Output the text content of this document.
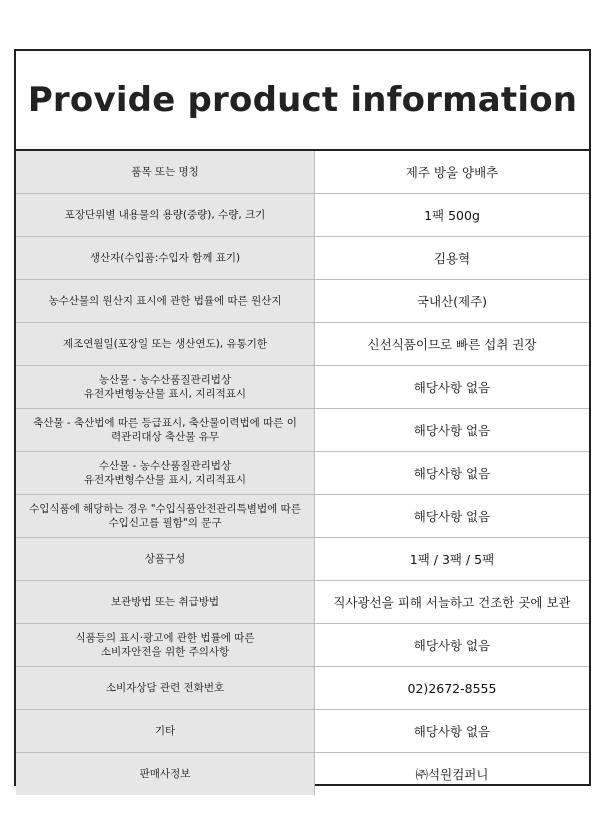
Provide product information
품목 또는 명칭	제주 방울 양배추
포장단위별 내용물의 용량(중량), 수량, 크기	1팩 500g
생산자(수입품:수입자 함께 표기)	김용혁
농수산물의 원산지 표시에 관한 법률에 따른 원산지	국내산(제주)
제조연월일(포장일 또는 생산연도), 유통기한	신선식품이므로 빠른 섭취 권장
농산물 - 농수산품질관리법상
유전자변형농산물 표시, 지리적표시	해당사항 없음
축산물 - 축산법에 따른 등급표시, 축산물이력법에 따른 이
력관리대상 축산물 유무	해당사항 없음
수산물 - 농수산품질관리법상
유전자변형수산물 표시, 지리적표시	해당사항 없음
수입식품에 해당하는 경우 "수입식품안전관리특별법에 따른
수입신고를 필함"의 문구	해당사항 없음
상품구성	1팩 / 3팩 / 5팩
보관방법 또는 취급방법	직사광선을 피해 서늘하고 건조한 곳에 보관
식품등의 표시·광고에 관한 법률에 따른
소비자안전을 위한 주의사항	해당사항 없음
소비자상담 관련 전화번호	02)2672-8555
기타	해당사항 없음
판매사정보	㈜석원컴퍼니
